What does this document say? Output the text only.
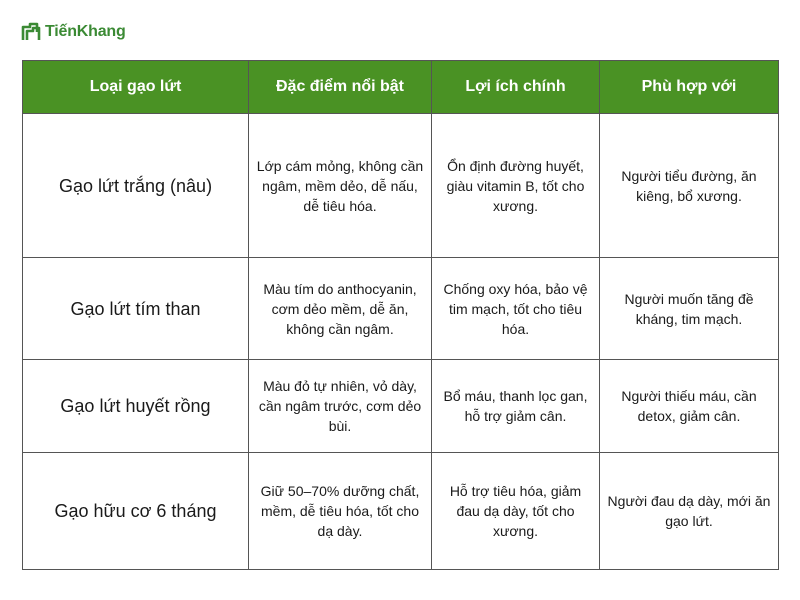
TiếnKhang
Loại gạo lứt	Đặc điểm nổi bật	Lợi ích chính	Phù hợp với
Gạo lứt trắng (nâu)	Lớp cám mỏng, không cần ngâm, mềm dẻo, dễ nấu, dễ tiêu hóa.	Ổn định đường huyết, giàu vitamin B, tốt cho xương.	Người tiểu đường, ăn kiêng, bổ xương.
Gạo lứt tím than	Màu tím do anthocyanin, cơm dẻo mềm, dễ ăn, không cần ngâm.	Chống oxy hóa, bảo vệ tim mạch, tốt cho tiêu hóa.	Người muốn tăng đề kháng, tim mạch.
Gạo lứt huyết rồng	Màu đỏ tự nhiên, vỏ dày, cần ngâm trước, cơm dẻo bùi.	Bổ máu, thanh lọc gan, hỗ trợ giảm cân.	Người thiếu máu, cần detox, giảm cân.
Gạo hữu cơ 6 tháng	Giữ 50–70% dưỡng chất, mềm, dễ tiêu hóa, tốt cho dạ dày.	Hỗ trợ tiêu hóa, giảm đau dạ dày, tốt cho xương.	Người đau dạ dày, mới ăn gạo lứt.
